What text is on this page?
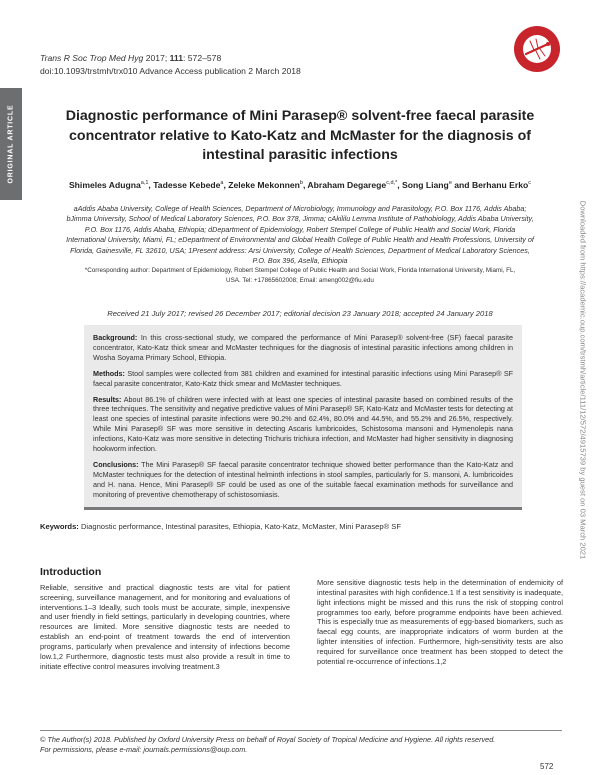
ORIGINAL ARTICLE
Trans R Soc Trop Med Hyg 2017; 111: 572–578
doi:10.1093/trstmh/trx010 Advance Access publication 2 March 2018
Diagnostic performance of Mini Parasep® solvent-free faecal parasite concentrator relative to Kato-Katz and McMaster for the diagnosis of intestinal parasitic infections
Shimeles Adugna$^{a,1}$, Tadesse Kebede$^a$, Zeleke Mekonnen$^b$, Abraham Degarege$^{c,d,*}$, Song Liang$^e$ and Berhanu Erko$^c$
aAddis Ababa University, College of Health Sciences, Department of Microbiology, Immunology and Parasitology, P.O. Box 1176, Addis Ababa; bJimma University, School of Medical Laboratory Sciences, P.O. Box 378, Jimma; cAkililu Lemma Institute of Pathobiology, Addis Ababa University, P.O. Box 1176, Addis Ababa, Ethiopia; dDepartment of Epidemiology, Robert Stempel College of Public Health and Social Work, Florida International University, Miami, FL; eDepartment of Environmental and Global Health College of Public Health and Health Professions, University of Florida, Gainesville, FL 32610, USA; 1Present address: Arsi University, College of Health Sciences, Department of Medical Laboratory Sciences, P.O. Box 396, Asella, Ethiopia
*Corresponding author: Department of Epidemiology, Robert Stempel College of Public Health and Social Work, Florida International University, Miami, FL, USA. Tel: +17865602008; Email: ameng002@fiu.edu
Received 21 July 2017; revised 26 December 2017; editorial decision 23 January 2018; accepted 24 January 2018

Background: In this cross-sectional study, we compared the performance of Mini Parasep® solvent-free (SF) faecal parasite concentrator, Kato-Katz thick smear and McMaster techniques for the diagnosis of intestinal parasitic infections among children in Wosha Soyama Primary School, Ethiopia.

Methods: Stool samples were collected from 381 children and examined for intestinal parasitic infections using Mini Parasep® SF faecal parasite concentrator, Kato-Katz thick smear and McMaster techniques.

Results: About 86.1% of children were infected with at least one species of intestinal parasite based on combined results of the three techniques. The sensitivity and negative predictive values of Mini Parasep® SF, Kato-Katz and McMaster tests for detecting at least one species of intestinal parasite infections were 90.2% and 62.4%, 80.0% and 44.5%, and 55.2% and 26.5%, respectively. While Mini Parasep® SF was more sensitive in detecting Ascaris lumbricoides, Schistosoma mansoni and Hymenolepis nana infections, Kato-Katz was more sensitive in detecting Trichuris trichiura infection, and McMaster had higher sensitivity in diagnosing hookworm infection.

Conclusions: The Mini Parasep® SF faecal parasite concentrator technique showed better performance than the Kato-Katz and McMaster techniques for the detection of intestinal helminth infections in stool samples, particularly for S. mansoni, A. lumbricoides and H. nana. Hence, Mini Parasep® SF could be used as one of the suitable faecal examination methods for surveillance and monitoring of preventive chemotherapy of schistosomiasis.

Keywords: Diagnostic performance, Intestinal parasites, Ethiopia, Kato-Katz, McMaster, Mini Parasep® SF
Introduction

Reliable, sensitive and practical diagnostic tests are vital for patient screening, surveillance management, and for monitoring and evaluations of interventions.1–3 Ideally, such tools must be accurate, simple, inexpensive and user friendly in field settings, particularly in developing countries, where resources are limited. More sensitive diagnostic tests are needed to establish an end-point of treatment towards the end of intervention programs, particularly when prevalence and intensity of infections become low.1,2 Furthermore, diagnostic tests must also provide a result in time to initiate effective control measures involving treatment.3

More sensitive diagnostic tests help in the determination of endemicity of intestinal parasites with high confidence.1 If a test sensitivity is inadequate, light infections might be missed and this runs the risk of stopping control programmes too early, before programme endpoints have been achieved. This is especially true as measurements of egg-based biomarkers, such as faecal egg counts, are inappropriate indicators of worm burden at the lighter intensities of infection. Furthermore, high-sensitivity tests are also required for surveillance once treatment has been stopped to detect the potential re-occurrence of infections.1,2

© The Author(s) 2018. Published by Oxford University Press on behalf of Royal Society of Tropical Medicine and Hygiene. All rights reserved.
For permissions, please e-mail: journals.permissions@oup.com.
572
Downloaded from https://academic.oup.com/trstmh/article/111/12/572/4915739 by guest on 03 March 2021
